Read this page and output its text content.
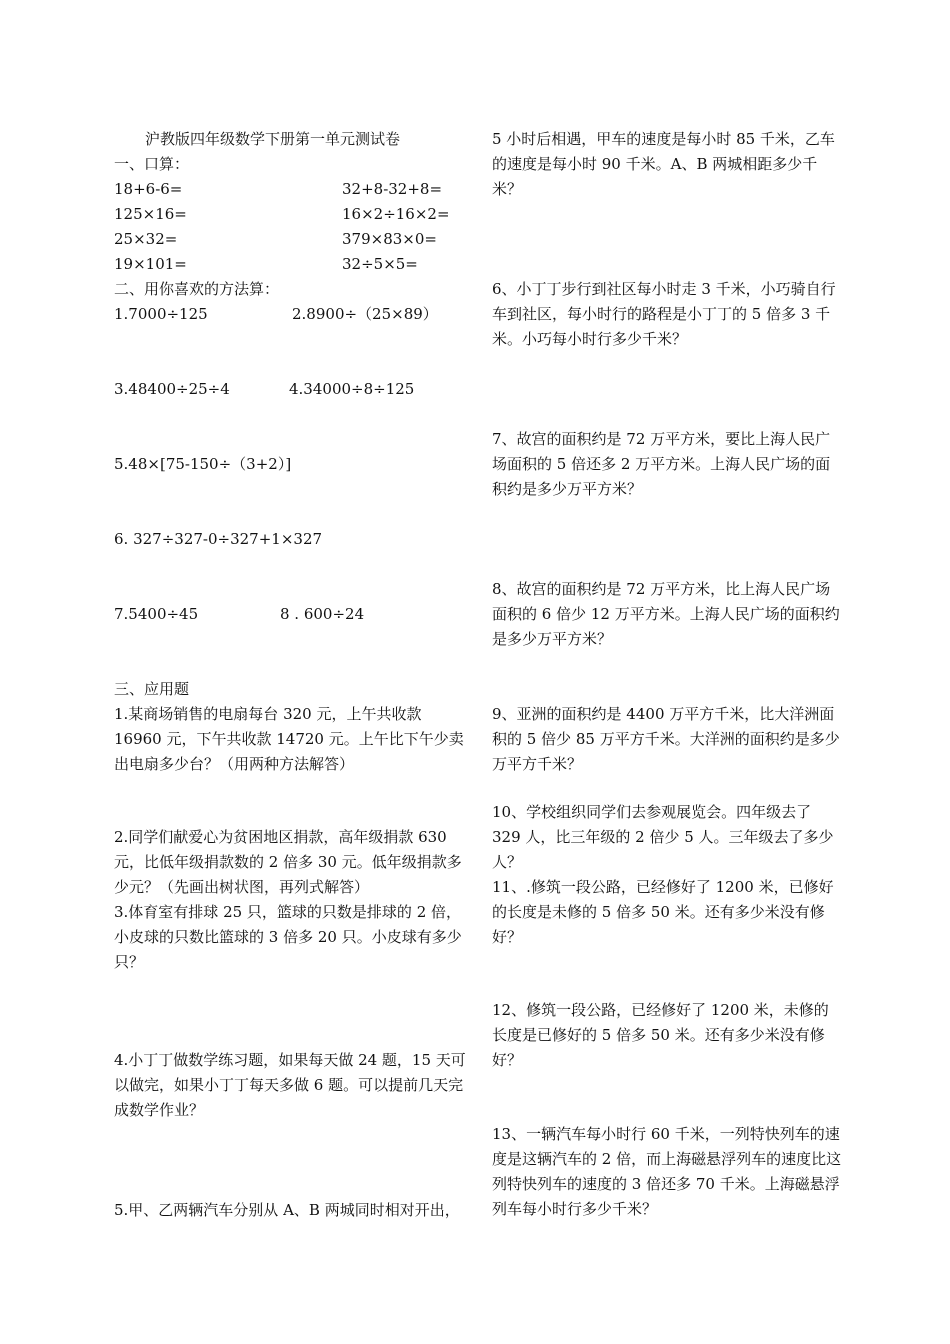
沪教版四年级数学下册第一单元测试卷
一、口算：
18+6-6=	32+8-32+8=
125×16=	16×2÷16×2=
25×32=	379×83×0=
19×101=	32÷5×5=
二、用你喜欢的方法算：
1.7000÷125	2.8900÷（25×89）
3.48400÷25÷4	4.34000÷8÷125
5.48×[75-150÷（3+2）]
6. 327÷327-0÷327+1×327
7.5400÷45	8 . 600÷24
三、应用题
1.某商场销售的电扇每台 320 元，上午共收款 16960 元，下午共收款 14720 元。上午比下午少卖出电扇多少台？（用两种方法解答）
2.同学们献爱心为贫困地区捐款，高年级捐款 630 元，比低年级捐款数的 2 倍多 30 元。低年级捐款多少元？（先画出树状图，再列式解答）
3.体育室有排球 25 只，篮球的只数是排球的 2 倍，小皮球的只数比篮球的 3 倍多 20 只。小皮球有多少只？
4.小丁丁做数学练习题，如果每天做 24 题，15 天可以做完，如果小丁丁每天多做 6 题。可以提前几天完成数学作业？
5.甲、乙两辆汽车分别从 A、B 两城同时相对开出，
5 小时后相遇，甲车的速度是每小时 85 千米，乙车的速度是每小时 90 千米。A、B 两城相距多少千米？
6、小丁丁步行到社区每小时走 3 千米，小巧骑自行车到社区，每小时行的路程是小丁丁的 5 倍多 3 千米。小巧每小时行多少千米？
7、故宫的面积约是 72 万平方米，要比上海人民广场面积的 5 倍还多 2 万平方米。上海人民广场的面积约是多少万平方米？
8、故宫的面积约是 72 万平方米，比上海人民广场面积的 6 倍少 12 万平方米。上海人民广场的面积约是多少万平方米？
9、亚洲的面积约是 4400 万平方千米，比大洋洲面积的 5 倍少 85 万平方千米。大洋洲的面积约是多少万平方千米？
10、学校组织同学们去参观展览会。四年级去了 329 人，比三年级的 2 倍少 5 人。三年级去了多少人？
11、.修筑一段公路，已经修好了 1200 米，已修好的长度是未修的 5 倍多 50 米。还有多少米没有修好？
12、修筑一段公路，已经修好了 1200 米，未修的长度是已修好的 5 倍多 50 米。还有多少米没有修好？
13、一辆汽车每小时行 60 千米，一列特快列车的速度是这辆汽车的 2 倍，而上海磁悬浮列车的速度比这列特快列车的速度的 3 倍还多 70 千米。上海磁悬浮列车每小时行多少千米？
